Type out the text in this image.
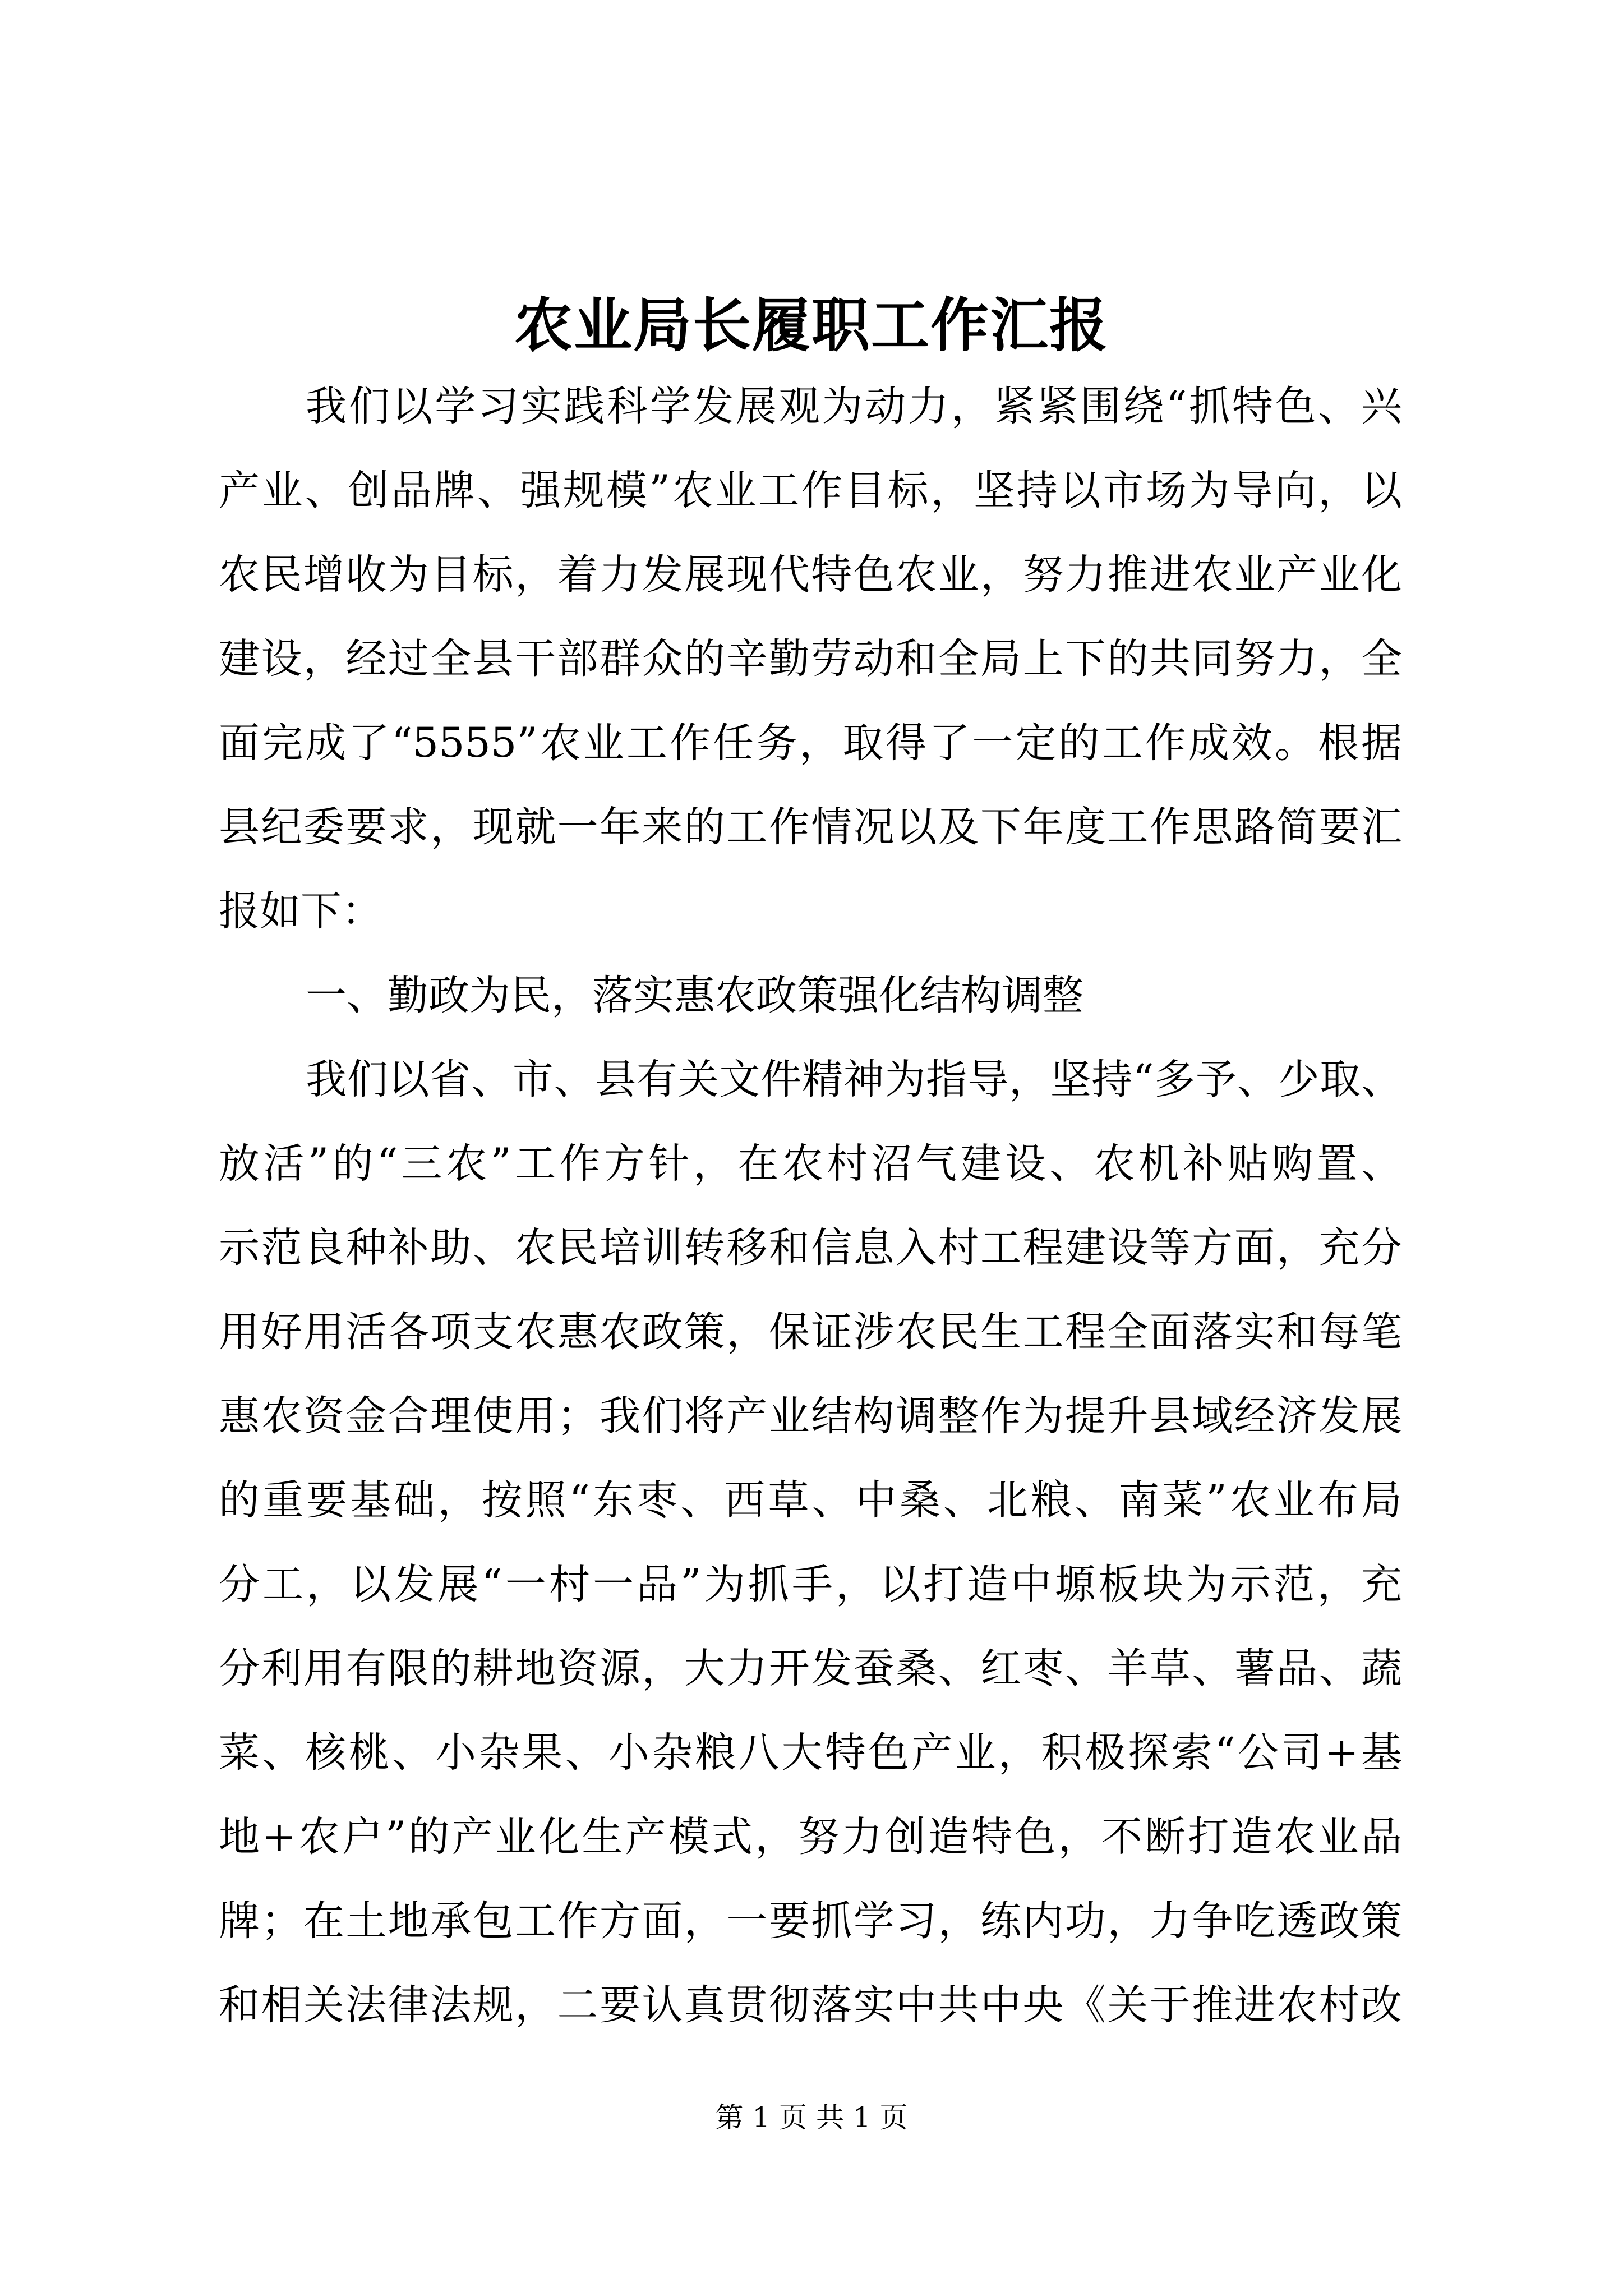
农业局长履职工作汇报
我们以学习实践科学发展观为动力，紧紧围绕“抓特色、兴
产业、创品牌、强规模”农业工作目标，坚持以市场为导向，以
农民增收为目标，着力发展现代特色农业，努力推进农业产业化
建设，经过全县干部群众的辛勤劳动和全局上下的共同努力，全
面完成了“5555”农业工作任务，取得了一定的工作成效。根据
县纪委要求，现就一年来的工作情况以及下年度工作思路简要汇
报如下：
一、勤政为民，落实惠农政策强化结构调整
我们以省、市、县有关文件精神为指导，坚持“多予、少取、
放活”的“三农”工作方针，在农村沼气建设、农机补贴购置、
示范良种补助、农民培训转移和信息入村工程建设等方面，充分
用好用活各项支农惠农政策，保证涉农民生工程全面落实和每笔
惠农资金合理使用；我们将产业结构调整作为提升县域经济发展
的重要基础，按照“东枣、西草、中桑、北粮、南菜”农业布局
分工，以发展“一村一品”为抓手，以打造中塬板块为示范，充
分利用有限的耕地资源，大力开发蚕桑、红枣、羊草、薯品、蔬
菜、核桃、小杂果、小杂粮八大特色产业，积极探索“公司+基
地+农户”的产业化生产模式，努力创造特色，不断打造农业品
牌；在土地承包工作方面，一要抓学习，练内功，力争吃透政策
和相关法律法规，二要认真贯彻落实中共中央《关于推进农村改
第 1 页 共 1 页
